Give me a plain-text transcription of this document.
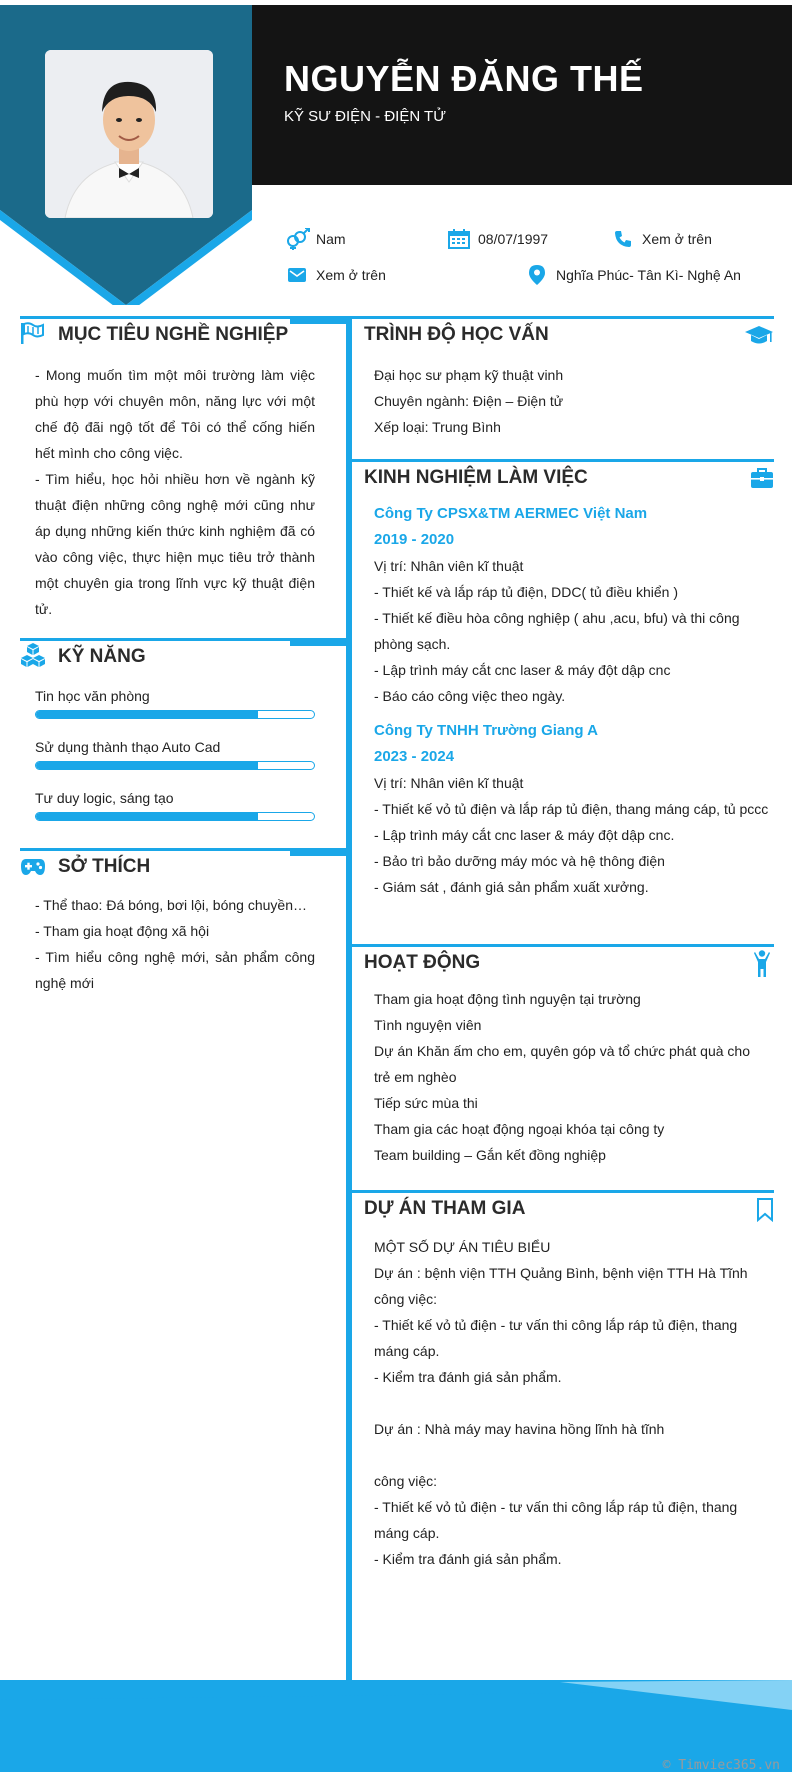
NGUYỄN ĐĂNG THẾ
KỸ SƯ ĐIỆN - ĐIỆN TỬ
Nam	08/07/1997	Xem ở trên
Xem ở trên	Nghĩa Phúc- Tân Kì- Nghệ An
MỤC TIÊU NGHỀ NGHIỆP

- Mong muốn tìm một môi trường làm việc phù hợp với chuyên môn, năng lực với một chế độ đãi ngộ tốt để Tôi có thể cống hiến hết mình cho công việc.

- Tìm hiểu, học hỏi nhiều hơn về ngành kỹ thuật điện những công nghệ mới cũng như áp dụng những kiến thức kinh nghiệm đã có vào công việc, thực hiện mục tiêu trở thành một chuyên gia trong lĩnh vực kỹ thuật điện tử.

KỸ NĂNG
Tin học văn phòng
Sử dụng thành thạo Auto Cad
Tư duy logic, sáng tạo
SỞ THÍCH

- Thể thao: Đá bóng, bơi lội, bóng chuyền…

- Tham gia hoạt động xã hội

- Tìm hiểu công nghệ mới, sản phẩm công nghệ mới

TRÌNH ĐỘ HỌC VẤN

Đại học sư phạm kỹ thuật vinh

Chuyên ngành: Điện – Điện tử

Xếp loại: Trung Bình

KINH NGHIỆM LÀM VIỆC

Công Ty CPSX&TM AERMEC Việt Nam

2019 - 2020

Vị trí: Nhân viên kĩ thuật

- Thiết kế và lắp ráp tủ điện, DDC( tủ điều khiển )

- Thiết kế điều hòa công nghiệp ( ahu ,acu, bfu) và thi công phòng sạch.

- Lập trình máy cắt cnc laser & máy đột dập cnc

- Báo cáo công việc theo ngày.

Công Ty TNHH Trường Giang A

2023 - 2024

Vị trí: Nhân viên kĩ thuật

- Thiết kế vỏ tủ điện và lắp ráp tủ điện, thang máng cáp, tủ pccc

- Lập trình máy cắt cnc laser & máy đột dập cnc.

- Bảo trì bảo dưỡng máy móc và hệ thông điện

- Giám sát , đánh giá sản phẩm xuất xưởng.

HOẠT ĐỘNG

Tham gia hoạt động tình nguyện tại trường

Tình nguyện viên

Dự án Khăn ấm cho em, quyên góp và tổ chức phát quà cho trẻ em nghèo

Tiếp sức mùa thi

Tham gia các hoạt động ngoại khóa tại công ty

Team building – Gắn kết đồng nghiệp

DỰ ÁN THAM GIA

MỘT SỐ DỰ ÁN TIÊU BIỂU

Dự án : bệnh viện TTH Quảng Bình, bệnh viện TTH Hà Tĩnh

công việc:

- Thiết kế vỏ tủ điện - tư vấn thi công lắp ráp tủ điện, thang máng cáp.

- Kiểm tra đánh giá sản phẩm.

Dự án : Nhà máy may havina hồng lĩnh hà tĩnh

công việc:

- Thiết kế vỏ tủ điện - tư vấn thi công lắp ráp tủ điện, thang máng cáp.

- Kiểm tra đánh giá sản phẩm.

© Timviec365.vn
